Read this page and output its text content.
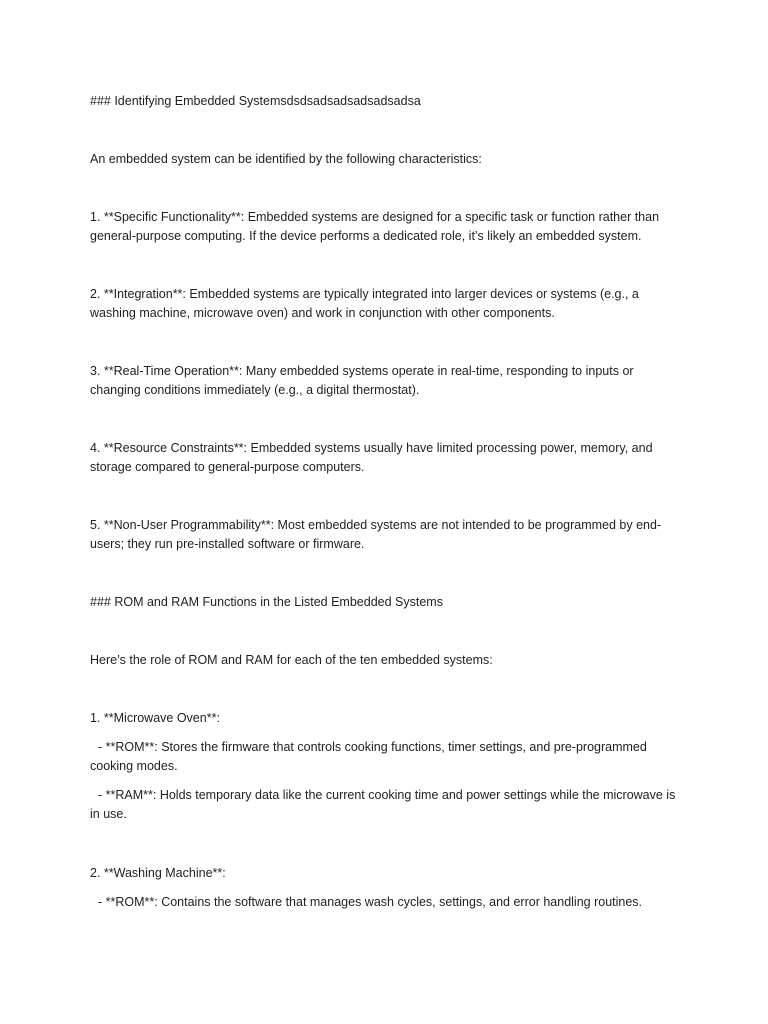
### Identifying Embedded Systemsdsdsadsadsadsadsadsa

An embedded system can be identified by the following characteristics:

1. **Specific Functionality**: Embedded systems are designed for a specific task or function rather than general-purpose computing. If the device performs a dedicated role, it’s likely an embedded system.

2. **Integration**: Embedded systems are typically integrated into larger devices or systems (e.g., a washing machine, microwave oven) and work in conjunction with other components.

3. **Real-Time Operation**: Many embedded systems operate in real-time, responding to inputs or changing conditions immediately (e.g., a digital thermostat).

4. **Resource Constraints**: Embedded systems usually have limited processing power, memory, and storage compared to general-purpose computers.

5. **Non-User Programmability**: Most embedded systems are not intended to be programmed by end-users; they run pre-installed software or firmware.

### ROM and RAM Functions in the Listed Embedded Systems

Here’s the role of ROM and RAM for each of the ten embedded systems:

1. **Microwave Oven**:

- **ROM**: Stores the firmware that controls cooking functions, timer settings, and pre-programmed cooking modes.

- **RAM**: Holds temporary data like the current cooking time and power settings while the microwave is in use.

2. **Washing Machine**:

- **ROM**: Contains the software that manages wash cycles, settings, and error handling routines.
